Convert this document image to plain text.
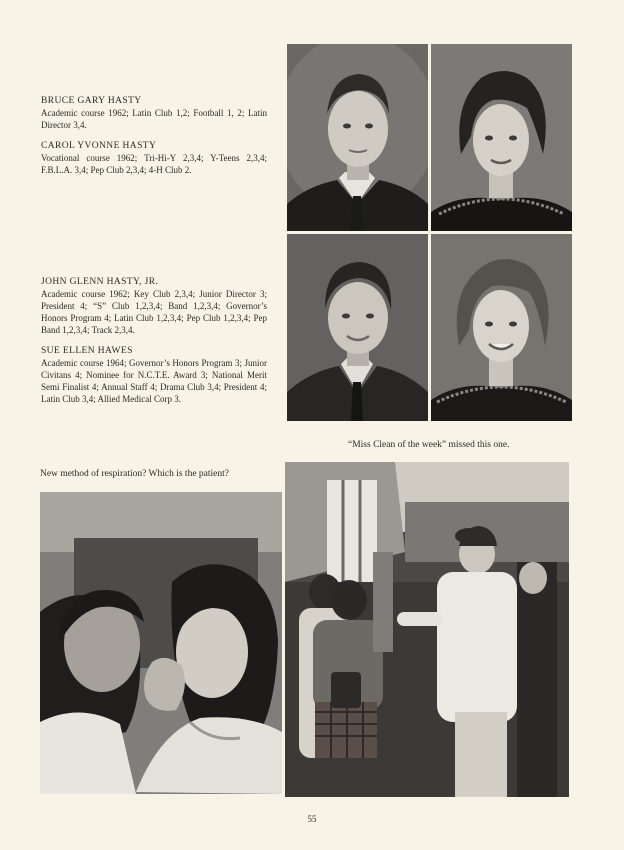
BRUCE GARY HASTY

Academic course 1962; Latin Club 1,2; Football 1, 2; Latin Director 3,4.

CAROL YVONNE HASTY

Vocational course 1962; Tri-Hi-Y 2,3,4; Y-Teens 2,3,4; F.B.L.A. 3,4; Pep Club 2,3,4; 4-H Club 2.

JOHN GLENN HASTY, JR.

Academic course 1962; Key Club 2,3,4; Junior Director 3; President 4; “S” Club 1,2,3,4; Band 1,2,3,4; Governor’s Honors Program 4; Latin Club 1,2,3,4; Pep Club 1,2,3,4; Pep Band 1,2,3,4; Track 2,3,4.

SUE ELLEN HAWES

Academic course 1964; Governor’s Honors Program 3; Junior Civitans 4; Nominee for N.C.T.E. Award 3; National Merit Semi Finalist 4; Annual Staff 4; Drama Club 3,4; President 4; Latin Club 3,4; Allied Medical Corp 3.

“Miss Clean of the week” missed this one.

New method of respiration? Which is the patient?

55
